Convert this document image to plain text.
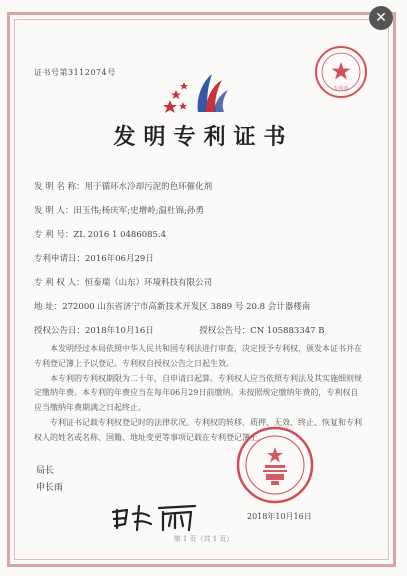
✕
证书号第3112074号
专用章
发明专利证书
发 明 名 称：用于循环水冷却污泥的色环催化剂
发 明 人：田玉伟;杨庆军;史增岭;温杜锦;孙勇
专 利 号：ZL 2016 1 0486085.4
专利申请日：2016年06月29日
专 利 权 人：恒泰瑞（山东）环境科技有限公司
地 址：272000 山东省济宁市高新技术开发区 3889 号 20.8 会计器楼南
授权公告日：2018年10月16日	授权公告号：CN 105883347 B

本发明经过本局依照中华人民共和国专利法进行审查，决定授予专利权，颁发本证书并在专利登记簿上予以登记。专利权自授权公告之日起生效。

本专利的专利权期限为二十年，自申请日起算。专利权人应当依照专利法及其实施细则规定缴纳年费。本专利的年费应当在每年06月29日前缴纳。未按照规定缴纳年费的，专利权自应当缴纳年费期满之日起终止。

专利证书记载专利权登记时的法律状况。专利权的转移、质押、无效、终止、恢复和专利权人的姓名或名称、国籍、地址变更等事项记载在专利登记簿上。

局长
申长雨
2018年10月16日
第 1 页（共 1 页）
